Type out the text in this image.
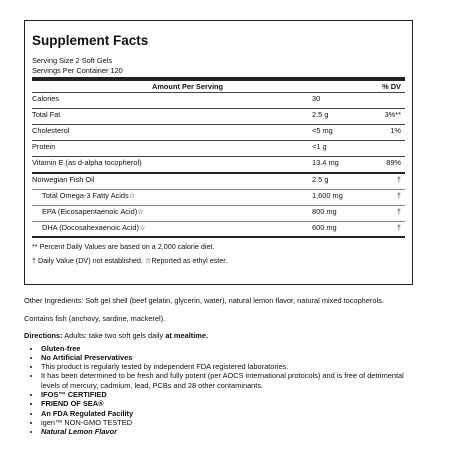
Supplement Facts
Serving Size 2 Soft Gels
Servings Per Container 120
Amount Per Serving	% DV
Calories	30
Total Fat	2.5 g	3%**
Cholesterol	<5 mg	1%
Protein	<1 g
Vitamin E (as d-alpha tocopherol)	13.4 mg	89%
Norwegian Fish Oil	2.5 g	†
Total Omega-3 Fatty Acids☆	1,600 mg	†
EPA (Eicosapentaenoic Acid)☆	800 mg	†
DHA (Docosahexaenoic Acid)☆	600 mg	†
** Percent Daily Values are based on a 2,000 calorie diet.
† Daily Value (DV) not established. ☆Reported as ethyl ester.

Other Ingredients: Soft gel shell (beef gelatin, glycerin, water), natural lemon flavor, natural mixed tocopherols.

Contains fish (anchovy, sardine, mackerel).

Directions: Adults: take two soft gels daily at mealtime.

• Gluten-free
• No Artificial Preservatives
• This product is regularly tested by independent FDA registered laboratories.
• It has been determined to be fresh and fully potent (per AOCS international protocols) and is free of detrimental levels of mercury, cadmium, lead, PCBs and 28 other contaminants.
• IFOS™ CERTIFIED
• FRIEND OF SEA®
• An FDA Regulated Facility
• igen™ NON-GMO TESTED
• Natural Lemon Flavor
